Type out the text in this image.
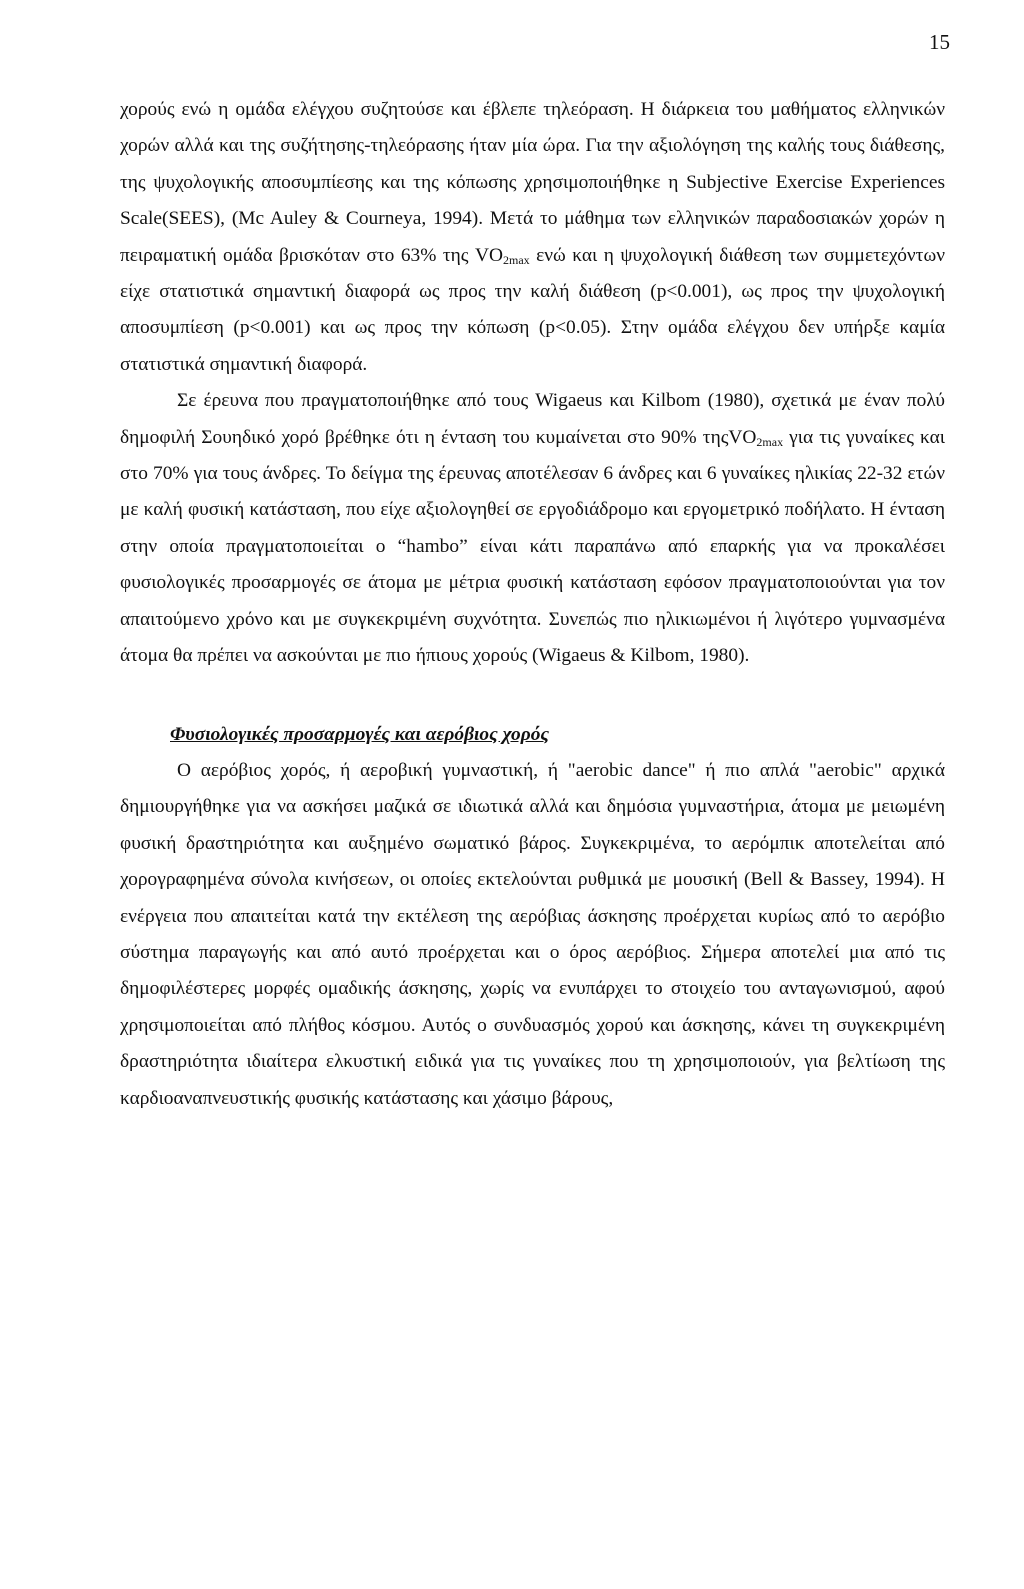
15

χορούς ενώ η ομάδα ελέγχου συζητούσε και έβλεπε τηλεόραση. Η διάρκεια του μαθήματος ελληνικών χορών αλλά και της συζήτησης-τηλεόρασης ήταν μία ώρα. Για την αξιολόγηση της καλής τους διάθεσης, της ψυχολογικής αποσυμπίεσης και της κόπωσης χρησιμοποιήθηκε η Subjective Exercise Experiences Scale(SEES), (Mc Auley & Courneya, 1994). Μετά το μάθημα των ελληνικών παραδοσιακών χορών η πειραματική ομάδα βρισκόταν στο 63% της $VO_{2max}$ ενώ και η ψυχολογική διάθεση των συμμετεχόντων είχε στατιστικά σημαντική διαφορά ως προς την καλή διάθεση (p<0.001), ως προς την ψυχολογική αποσυμπίεση (p<0.001) και ως προς την κόπωση (p<0.05). Στην ομάδα ελέγχου δεν υπήρξε καμία στατιστικά σημαντική διαφορά.

Σε έρευνα που πραγματοποιήθηκε από τους Wigaeus και Kilbom (1980), σχετικά με έναν πολύ δημοφιλή Σουηδικό χορό βρέθηκε ότι η ένταση του κυμαίνεται στο 90% τηςVO$_{2max}$ για τις γυναίκες και στο 70% για τους άνδρες. Το δείγμα της έρευνας αποτέλεσαν 6 άνδρες και 6 γυναίκες ηλικίας 22-32 ετών με καλή φυσική κατάσταση, που είχε αξιολογηθεί σε εργοδιάδρομο και εργομετρικό ποδήλατο. Η ένταση στην οποία πραγματοποιείται ο “hambo” είναι κάτι παραπάνω από επαρκής για να προκαλέσει φυσιολογικές προσαρμογές σε άτομα με μέτρια φυσική κατάσταση εφόσον πραγματοποιούνται για τον απαιτούμενο χρόνο και με συγκεκριμένη συχνότητα. Συνεπώς πιο ηλικιωμένοι ή λιγότερο γυμνασμένα άτομα θα πρέπει να ασκούνται με πιο ήπιους χορούς (Wigaeus & Kilbom, 1980).

Φυσιολογικές προσαρμογές και αερόβιος χορός

Ο αερόβιος χορός, ή αεροβική γυμναστική, ή "aerobic dance" ή πιο απλά "aerobic" αρχικά δημιουργήθηκε για να ασκήσει μαζικά σε ιδιωτικά αλλά και δημόσια γυμναστήρια, άτομα με μειωμένη φυσική δραστηριότητα και αυξημένο σωματικό βάρος. Συγκεκριμένα, το αερόμπικ αποτελείται από χορογραφημένα σύνολα κινήσεων, οι οποίες εκτελούνται ρυθμικά με μουσική (Bell & Bassey, 1994). Η ενέργεια που απαιτείται κατά την εκτέλεση της αερόβιας άσκησης προέρχεται κυρίως από το αερόβιο σύστημα παραγωγής και από αυτό προέρχεται και ο όρος αερόβιος. Σήμερα αποτελεί μια από τις δημοφιλέστερες μορφές ομαδικής άσκησης, χωρίς να ενυπάρχει το στοιχείο του ανταγωνισμού, αφού χρησιμοποιείται από πλήθος κόσμου. Αυτός ο συνδυασμός χορού και άσκησης, κάνει τη συγκεκριμένη δραστηριότητα ιδιαίτερα ελκυστική ειδικά για τις γυναίκες που τη χρησιμοποιούν, για βελτίωση της καρδιοαναπνευστικής φυσικής κατάστασης και χάσιμο βάρους,
